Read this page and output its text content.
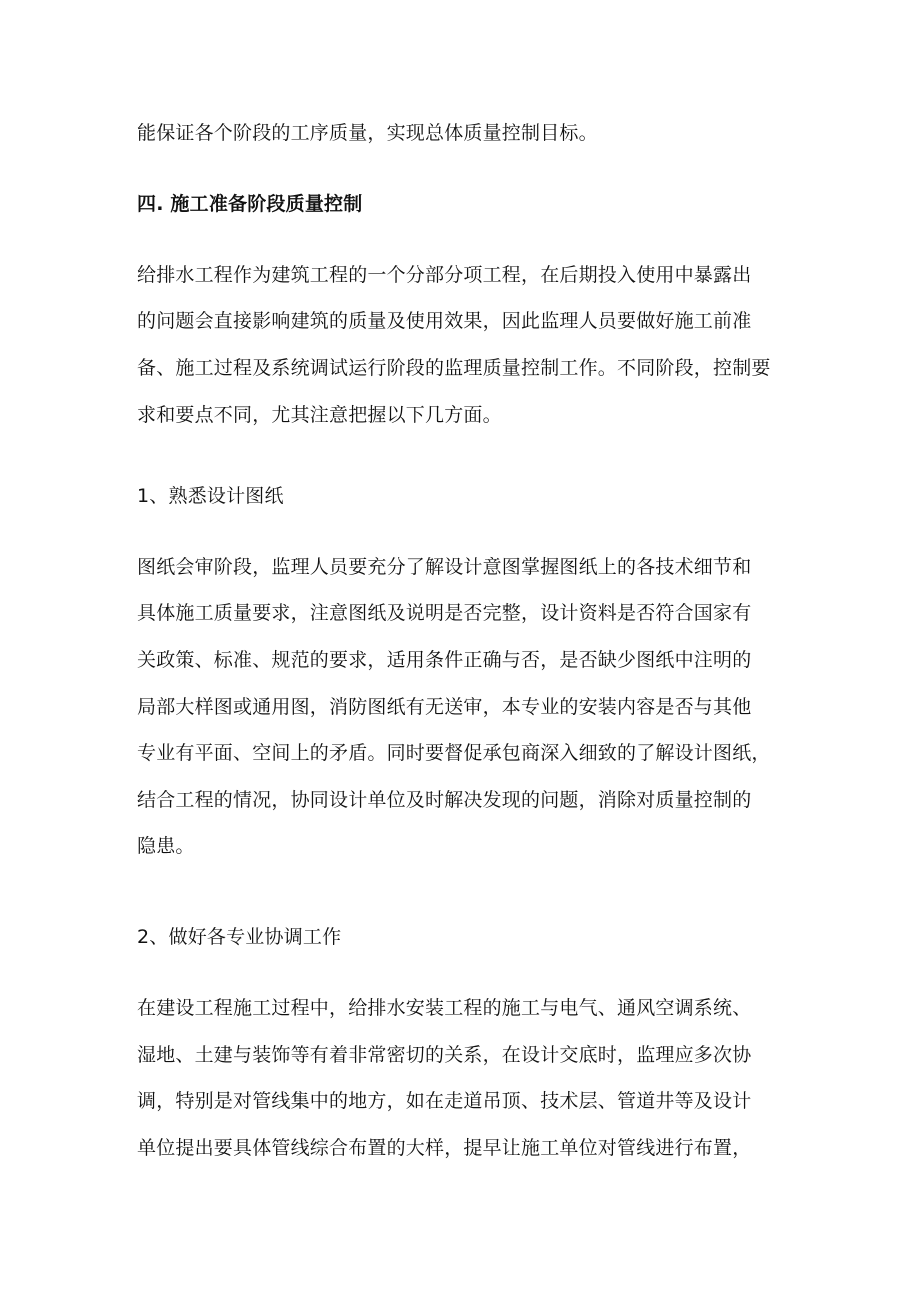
能保证各个阶段的工序质量，实现总体质量控制目标。
四. 施工准备阶段质量控制
给排水工程作为建筑工程的一个分部分项工程，在后期投入使用中暴露出
的问题会直接影响建筑的质量及使用效果，因此监理人员要做好施工前准
备、施工过程及系统调试运行阶段的监理质量控制工作。不同阶段，控制要
求和要点不同，尤其注意把握以下几方面。
1、熟悉设计图纸
图纸会审阶段，监理人员要充分了解设计意图掌握图纸上的各技术细节和
具体施工质量要求，注意图纸及说明是否完整，设计资料是否符合国家有
关政策、标准、规范的要求，适用条件正确与否，是否缺少图纸中注明的
局部大样图或通用图，消防图纸有无送审，本专业的安装内容是否与其他
专业有平面、空间上的矛盾。同时要督促承包商深入细致的了解设计图纸，
结合工程的情况，协同设计单位及时解决发现的问题，消除对质量控制的
隐患。
2、做好各专业协调工作
在建设工程施工过程中，给排水安装工程的施工与电气、通风空调系统、
湿地、土建与装饰等有着非常密切的关系，在设计交底时，监理应多次协
调，特别是对管线集中的地方，如在走道吊顶、技术层、管道井等及设计
单位提出要具体管线综合布置的大样，提早让施工单位对管线进行布置，
